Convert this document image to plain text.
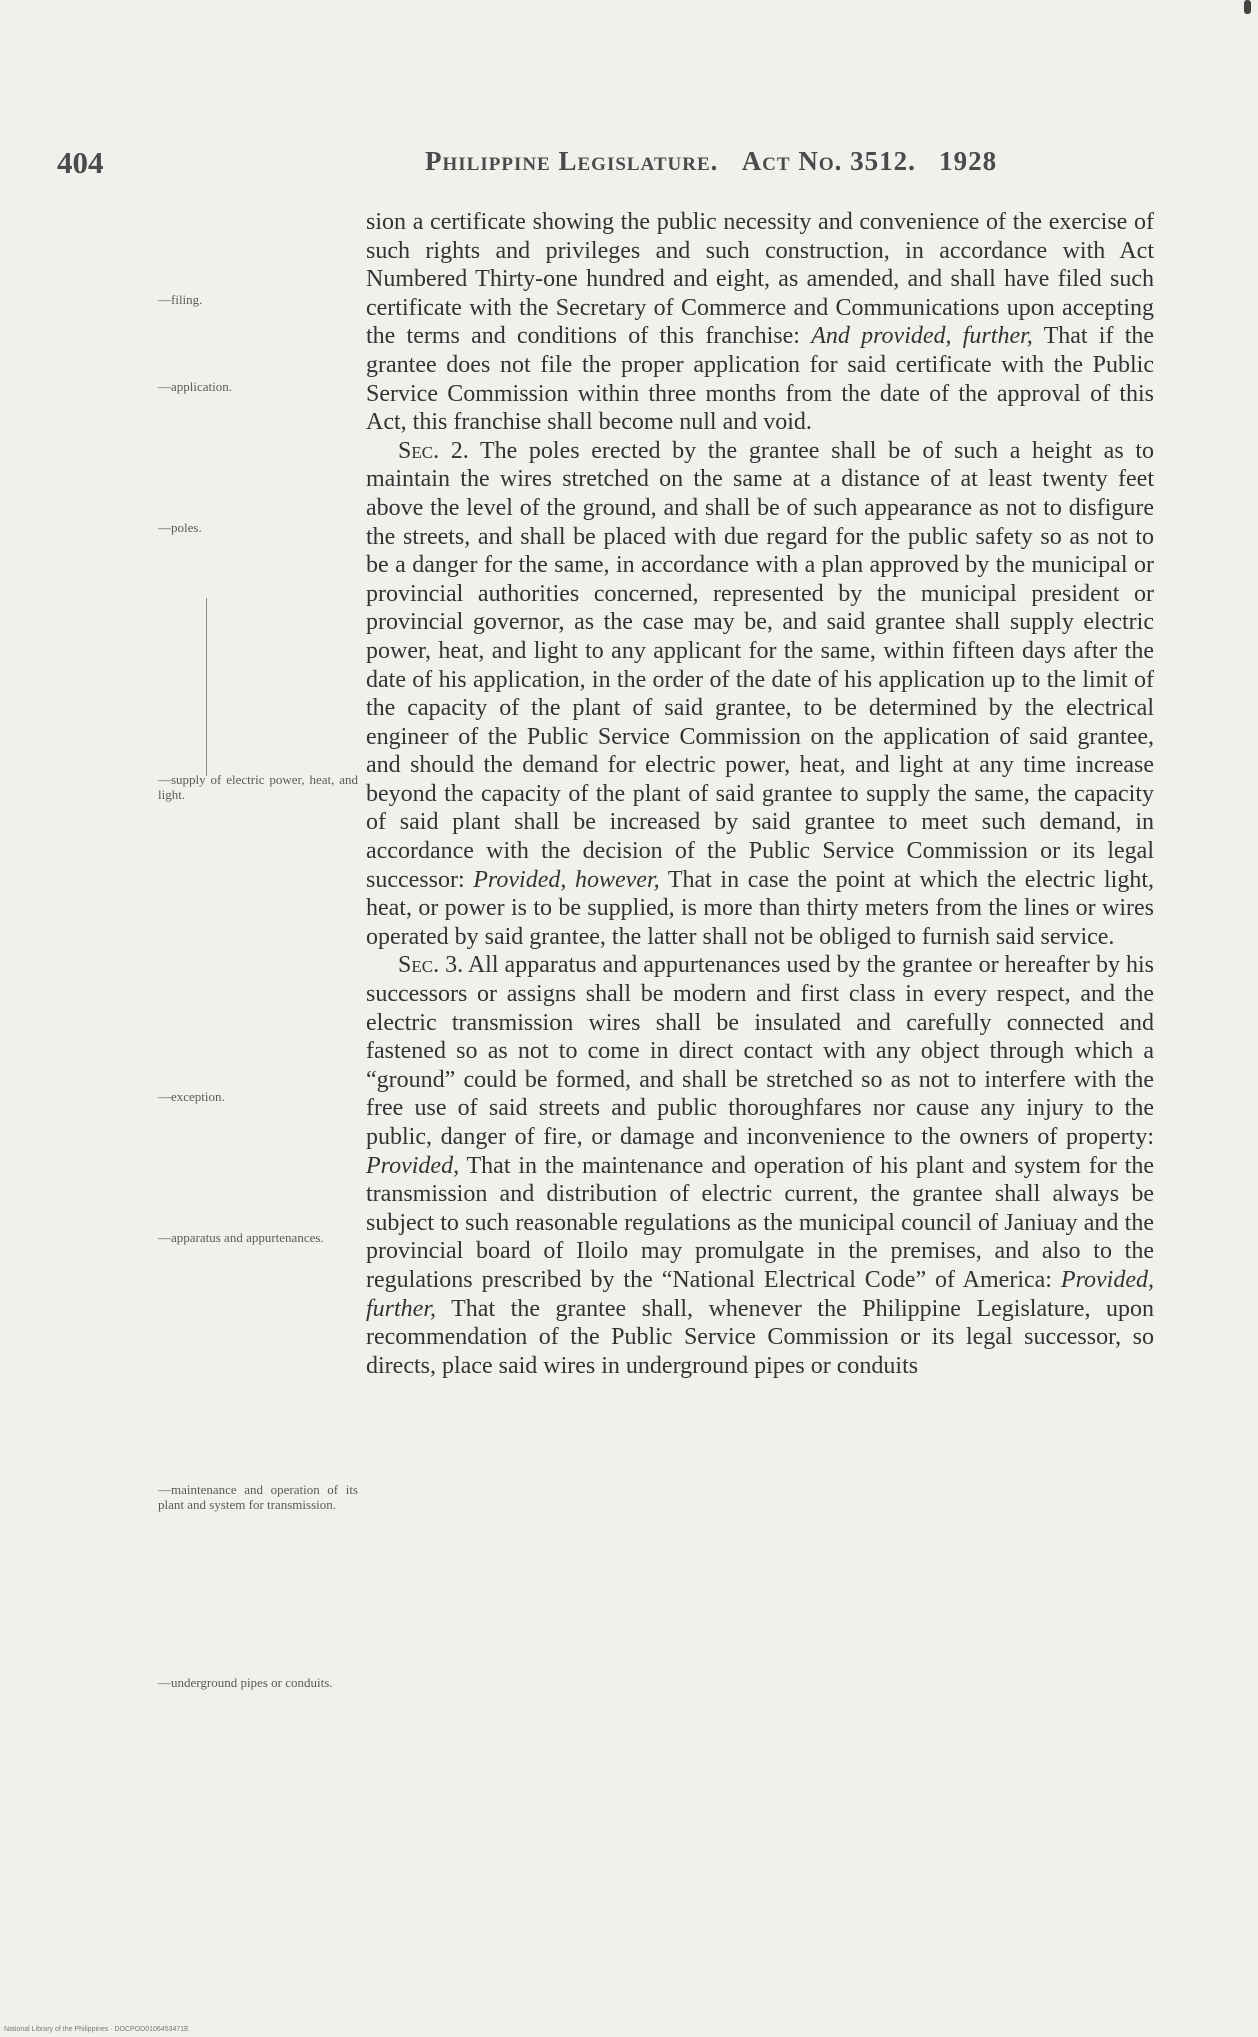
404	Philippine Legislature. Act No. 3512. 1928
—filing.
—application.
—poles.
—supply of electric power, heat, and light.
—exception.
—apparatus and appurtenances.
—maintenance and operation of its plant and system for transmission.
—underground pipes or conduits.

sion a certificate showing the public necessity and convenience of the exercise of such rights and privileges and such construction, in accordance with Act Numbered Thirty-one hundred and eight, as amended, and shall have filed such certificate with the Secretary of Commerce and Communications upon accepting the terms and conditions of this franchise: And provided, further, That if the grantee does not file the proper application for said certificate with the Public Service Commission within three months from the date of the approval of this Act, this franchise shall become null and void.

Sec. 2. The poles erected by the grantee shall be of such a height as to maintain the wires stretched on the same at a distance of at least twenty feet above the level of the ground, and shall be of such appearance as not to disfigure the streets, and shall be placed with due regard for the public safety so as not to be a danger for the same, in accordance with a plan approved by the municipal or provincial authorities concerned, represented by the municipal president or provincial governor, as the case may be, and said grantee shall supply electric power, heat, and light to any applicant for the same, within fifteen days after the date of his application, in the order of the date of his application up to the limit of the capacity of the plant of said grantee, to be determined by the electrical engineer of the Public Service Commission on the application of said grantee, and should the demand for electric power, heat, and light at any time increase beyond the capacity of the plant of said grantee to supply the same, the capacity of said plant shall be increased by said grantee to meet such demand, in accordance with the decision of the Public Service Commission or its legal successor: Provided, however, That in case the point at which the electric light, heat, or power is to be supplied, is more than thirty meters from the lines or wires operated by said grantee, the latter shall not be obliged to furnish said service.

Sec. 3. All apparatus and appurtenances used by the grantee or hereafter by his successors or assigns shall be modern and first class in every respect, and the electric transmission wires shall be insulated and carefully connected and fastened so as not to come in direct contact with any object through which a “ground” could be formed, and shall be stretched so as not to interfere with the free use of said streets and public thoroughfares nor cause any injury to the public, danger of fire, or damage and inconvenience to the owners of property: Provided, That in the maintenance and operation of his plant and system for the transmission and distribution of electric current, the grantee shall always be subject to such reasonable regulations as the municipal council of Janiuay and the provincial board of Iloilo may promulgate in the premises, and also to the regulations prescribed by the “National Electrical Code” of America: Provided, further, That the grantee shall, whenever the Philippine Legislature, upon recommendation of the Public Service Commission or its legal successor, so directs, place said wires in underground pipes or conduits

National Library of the Philippines · DOCPOD0106453471E
